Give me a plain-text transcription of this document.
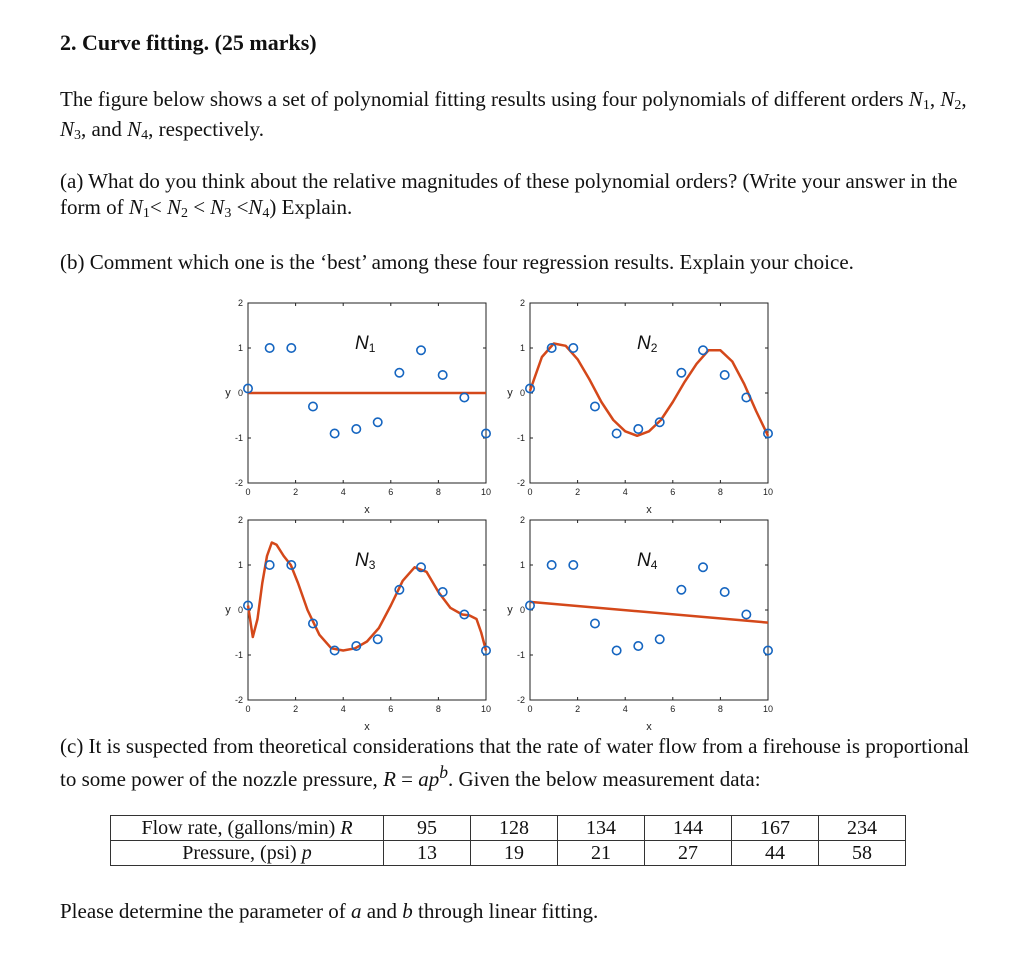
2. Curve fitting. (25 marks)
The figure below shows a set of polynomial fitting results using four polynomials of different orders $N_1$, $N_2$, $N_3$, and $N_4$, respectively.
(a) What do you think about the relative magnitudes of these polynomial orders? (Write your answer in the form of $N_1< N_2 < N_3 <N_4$) Explain.
(b) Comment which one is the ‘best’ among these four regression results. Explain your choice.
0	2	4	6	8	10
2
1
0
-1
-2
x
y
N1
0	2	4	6	8	10
2
1
0
-1
-2
x
y
N2
0	2	4	6	8	10
2
1
0
-1
-2
x
y
N3
0	2	4	6	8	10
2
1
0
-1
-2
x
y
N4
(c) It is suspected from theoretical considerations that the rate of water flow from a firehouse is proportional to some power of the nozzle pressure, $R = ap^b$. Given the below measurement data:
Flow rate, (gallons/min) R	95	128	134	144	167	234
Pressure, (psi) p	13	19	21	27	44	58
Please determine the parameter of a and b through linear fitting.
